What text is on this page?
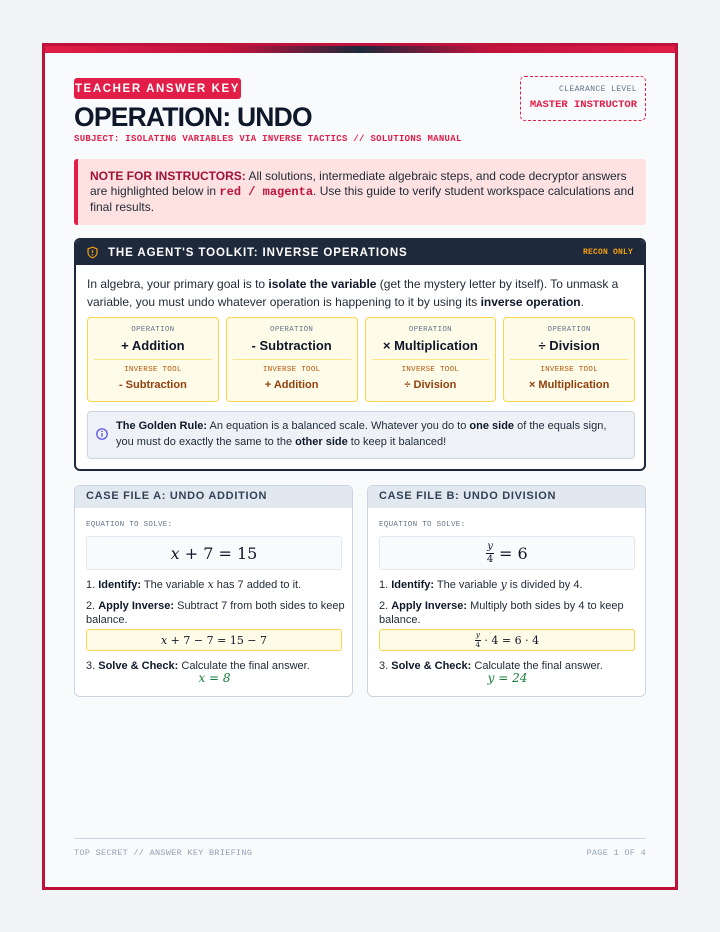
TEACHER ANSWER KEY
OPERATION: UNDO
SUBJECT: ISOLATING VARIABLES VIA INVERSE TACTICS // SOLUTIONS MANUAL
CLEARANCE LEVEL
MASTER INSTRUCTOR
NOTE FOR INSTRUCTORS: All solutions, intermediate algebraic steps, and code decryptor answers are highlighted below in red / magenta. Use this guide to verify student workspace calculations and final results.
THE AGENT'S TOOLKIT: INVERSE OPERATIONS	RECON ONLY
In algebra, your primary goal is to isolate the variable (get the mystery letter by itself). To unmask a variable, you must undo whatever operation is happening to it by using its inverse operation.
OPERATION
+ Addition
INVERSE TOOL
- Subtraction
OPERATION
- Subtraction
INVERSE TOOL
+ Addition
OPERATION
× Multiplication
INVERSE TOOL
÷ Division
OPERATION
÷ Division
INVERSE TOOL
× Multiplication
The Golden Rule: An equation is a balanced scale. Whatever you do to one side of the equals sign, you must do exactly the same to the other side to keep it balanced!
CASE FILE A: UNDO ADDITION
EQUATION TO SOLVE:
x + 7 = 15
1. Identify: The variable x has 7 added to it.
2. Apply Inverse: Subtract 7 from both sides to keep balance.
x + 7 − 7 = 15 − 7
3. Solve & Check: Calculate the final answer.
x = 8
CASE FILE B: UNDO DIVISION
EQUATION TO SOLVE:
$\frac{y}{4} = 6$
1. Identify: The variable y is divided by 4.
2. Apply Inverse: Multiply both sides by 4 to keep balance.
$\frac{y}{4} \cdot 4 = 6 \cdot 4$
3. Solve & Check: Calculate the final answer.
y = 24
TOP SECRET // ANSWER KEY BRIEFING	PAGE 1 OF 4
